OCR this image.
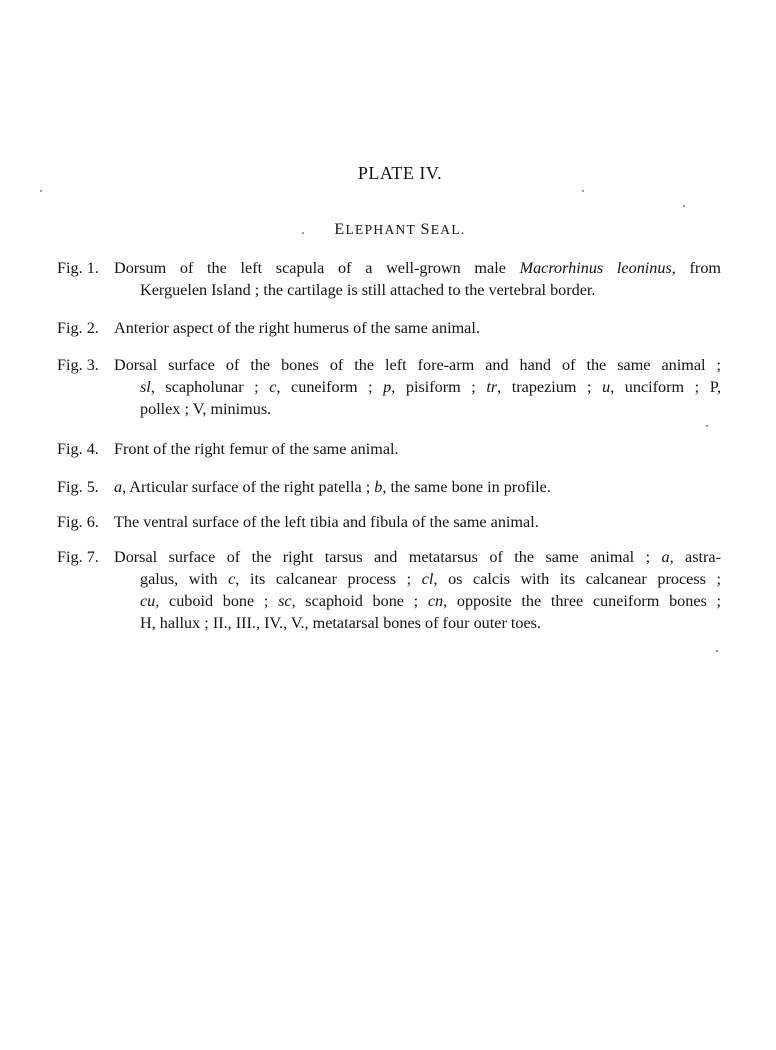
PLATE IV.
ELEPHANT SEAL.
Fig. 1. Dorsum of the left scapula of a well-grown male Macrorhinus leoninus, from
Kerguelen Island ; the cartilage is still attached to the vertebral border.
Fig. 2. Anterior aspect of the right humerus of the same animal.
Fig. 3. Dorsal surface of the bones of the left fore-arm and hand of the same animal ;
sl, scapholunar ; c, cuneiform ; p, pisiform ; tr, trapezium ; u, unciform ; P,
pollex ; V, minimus.
Fig. 4. Front of the right femur of the same animal.
Fig. 5. a, Articular surface of the right patella ; b, the same bone in profile.
Fig. 6. The ventral surface of the left tibia and fibula of the same animal.
Fig. 7. Dorsal surface of the right tarsus and metatarsus of the same animal ; a, astra-
galus, with c, its calcanear process ; cl, os calcis with its calcanear process ;
cu, cuboid bone ; sc, scaphoid bone ; cn, opposite the three cuneiform bones ;
H, hallux ; II., III., IV., V., metatarsal bones of four outer toes.
